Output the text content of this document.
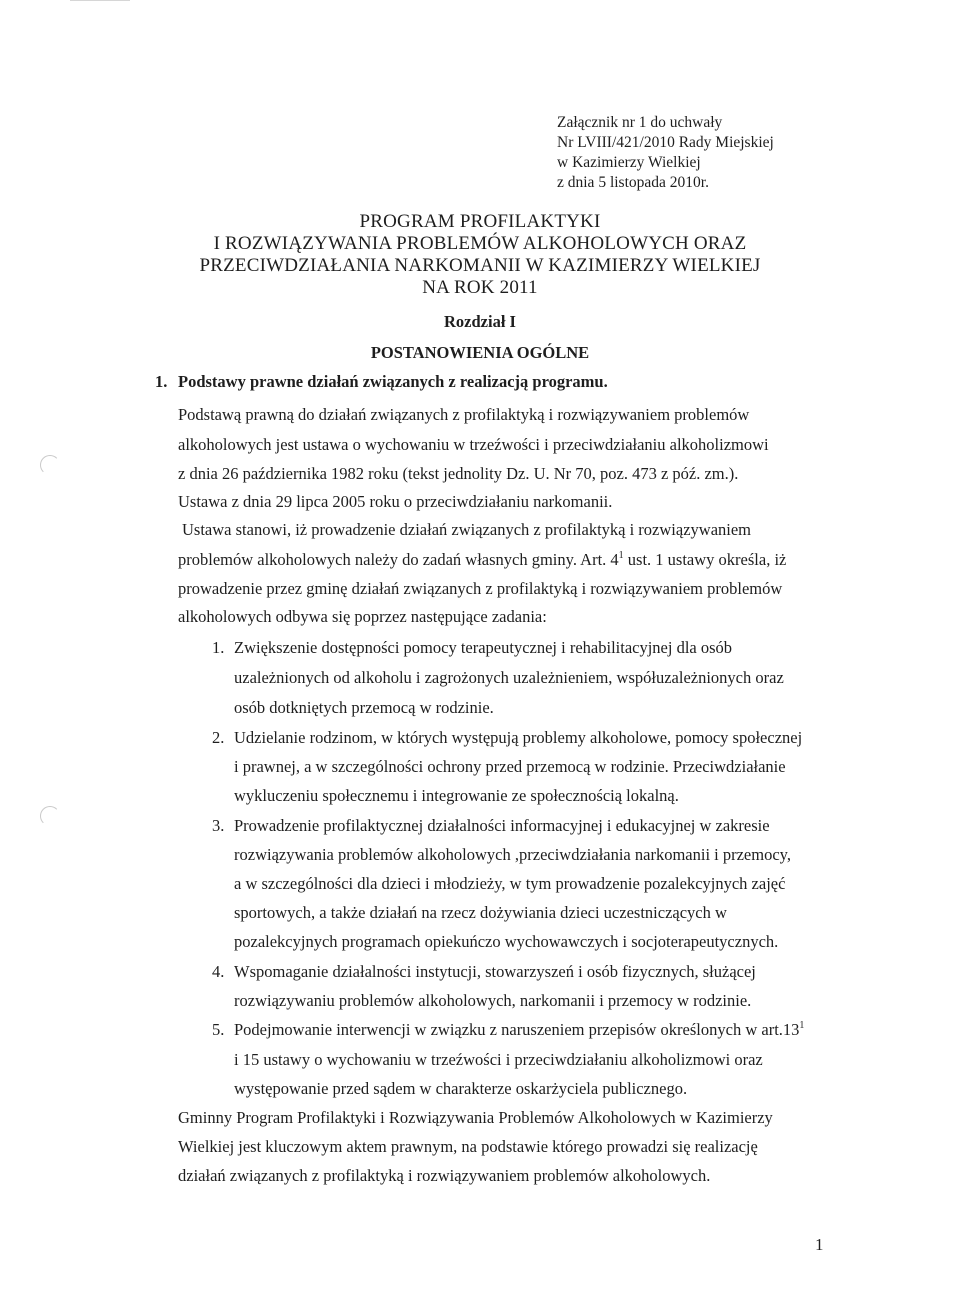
Załącznik nr 1 do uchwały
Nr LVIII/421/2010 Rady Miejskiej
w Kazimierzy Wielkiej
z dnia 5 listopada 2010r.
PROGRAM PROFILAKTYKI
I ROZWIĄZYWANIA PROBLEMÓW ALKOHOLOWYCH ORAZ
PRZECIWDZIAŁANIA NARKOMANII W KAZIMIERZY WIELKIEJ
NA ROK 2011
Rozdział I
POSTANOWIENIA OGÓLNE
1. Podstawy prawne działań związanych z realizacją programu.
Podstawą prawną do działań związanych z profilaktyką i rozwiązywaniem problemów
alkoholowych jest ustawa o wychowaniu w trzeźwości i przeciwdziałaniu alkoholizmowi
z dnia 26 października 1982 roku (tekst jednolity Dz. U. Nr 70, poz. 473 z póź. zm.).
Ustawa z dnia 29 lipca 2005 roku o przeciwdziałaniu narkomanii.
Ustawa stanowi, iż prowadzenie działań związanych z profilaktyką i rozwiązywaniem
problemów alkoholowych należy do zadań własnych gminy. Art. $4^1$ ust. 1 ustawy określa, iż
prowadzenie przez gminę działań związanych z profilaktyką i rozwiązywaniem problemów
alkoholowych odbywa się poprzez następujące zadania:
1. Zwiększenie dostępności pomocy terapeutycznej i rehabilitacyjnej dla osób
uzależnionych od alkoholu i zagrożonych uzależnieniem, współuzależnionych oraz
osób dotkniętych przemocą w rodzinie.
2. Udzielanie rodzinom, w których występują problemy alkoholowe, pomocy społecznej
i prawnej, a w szczególności ochrony przed przemocą w rodzinie. Przeciwdziałanie
wykluczeniu społecznemu i integrowanie ze społecznością lokalną.
3. Prowadzenie profilaktycznej działalności informacyjnej i edukacyjnej w zakresie
rozwiązywania problemów alkoholowych ,przeciwdziałania narkomanii i przemocy,
a w szczególności dla dzieci i młodzieży, w tym prowadzenie pozalekcyjnych zajęć
sportowych, a także działań na rzecz dożywiania dzieci uczestniczących w
pozalekcyjnych programach opiekuńczo wychowawczych i socjoterapeutycznych.
4. Wspomaganie działalności instytucji, stowarzyszeń i osób fizycznych, służącej
rozwiązywaniu problemów alkoholowych, narkomanii i przemocy w rodzinie.
5. Podejmowanie interwencji w związku z naruszeniem przepisów określonych w $art.13^1$
i 15 ustawy o wychowaniu w trzeźwości i przeciwdziałaniu alkoholizmowi oraz
występowanie przed sądem w charakterze oskarżyciela publicznego.
Gminny Program Profilaktyki i Rozwiązywania Problemów Alkoholowych w Kazimierzy
Wielkiej jest kluczowym aktem prawnym, na podstawie którego prowadzi się realizację
działań związanych z profilaktyką i rozwiązywaniem problemów alkoholowych.
1
